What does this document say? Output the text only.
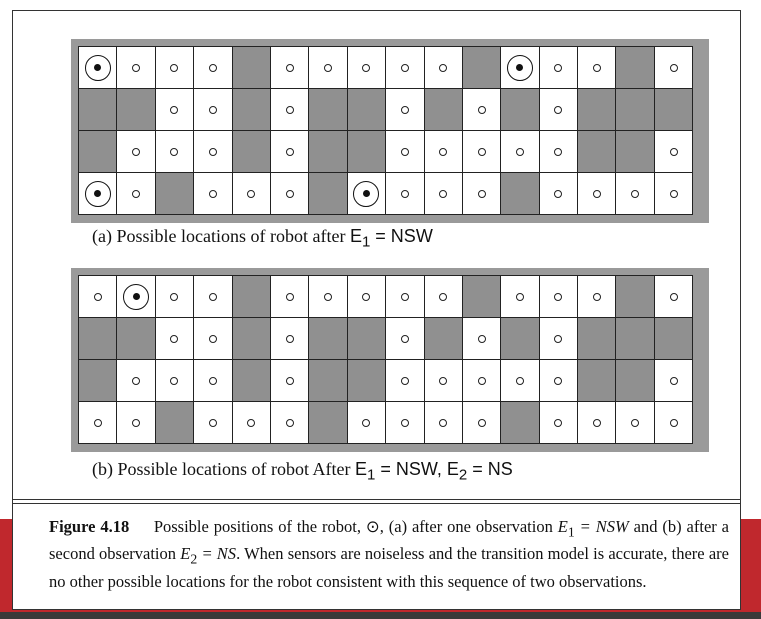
(a) Possible locations of robot after $E_1$ = NSW
(b) Possible locations of robot After $E_1$ = NSW, $E_2$ = NS
Figure 4.18 Possible positions of the robot, ⊙, (a) after one observation $E_1$ = NSW and (b) after a second observation $E_2$ = NS. When sensors are noiseless and the transition model is accurate, there are no other possible locations for the robot consistent with this sequence of two observations.
